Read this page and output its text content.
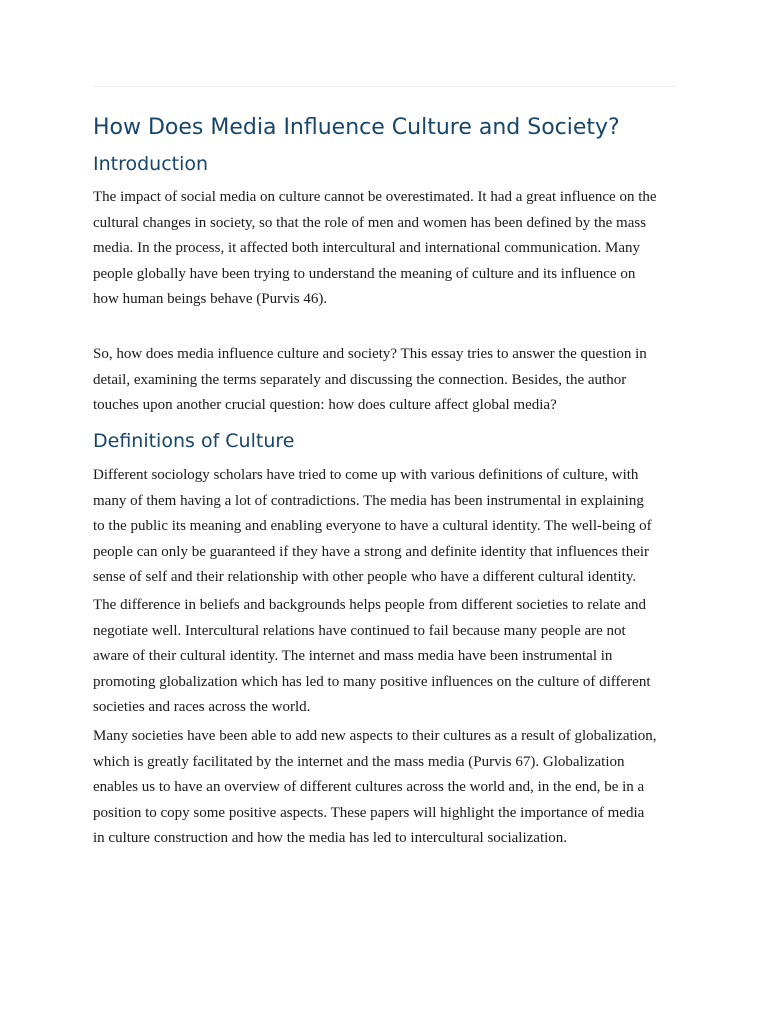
How Does Media Influence Culture and Society?
Introduction

The impact of social media on culture cannot be overestimated. It had a great influence on the
cultural changes in society, so that the role of men and women has been defined by the mass
media. In the process, it affected both intercultural and international communication. Many
people globally have been trying to understand the meaning of culture and its influence on
how human beings behave (Purvis 46).

So, how does media influence culture and society? This essay tries to answer the question in
detail, examining the terms separately and discussing the connection. Besides, the author
touches upon another crucial question: how does culture affect global media?

Definitions of Culture

Different sociology scholars have tried to come up with various definitions of culture, with
many of them having a lot of contradictions. The media has been instrumental in explaining
to the public its meaning and enabling everyone to have a cultural identity. The well-being of
people can only be guaranteed if they have a strong and definite identity that influences their
sense of self and their relationship with other people who have a different cultural identity.

The difference in beliefs and backgrounds helps people from different societies to relate and
negotiate well. Intercultural relations have continued to fail because many people are not
aware of their cultural identity. The internet and mass media have been instrumental in
promoting globalization which has led to many positive influences on the culture of different
societies and races across the world.

Many societies have been able to add new aspects to their cultures as a result of globalization,
which is greatly facilitated by the internet and the mass media (Purvis 67). Globalization
enables us to have an overview of different cultures across the world and, in the end, be in a
position to copy some positive aspects. These papers will highlight the importance of media
in culture construction and how the media has led to intercultural socialization.
